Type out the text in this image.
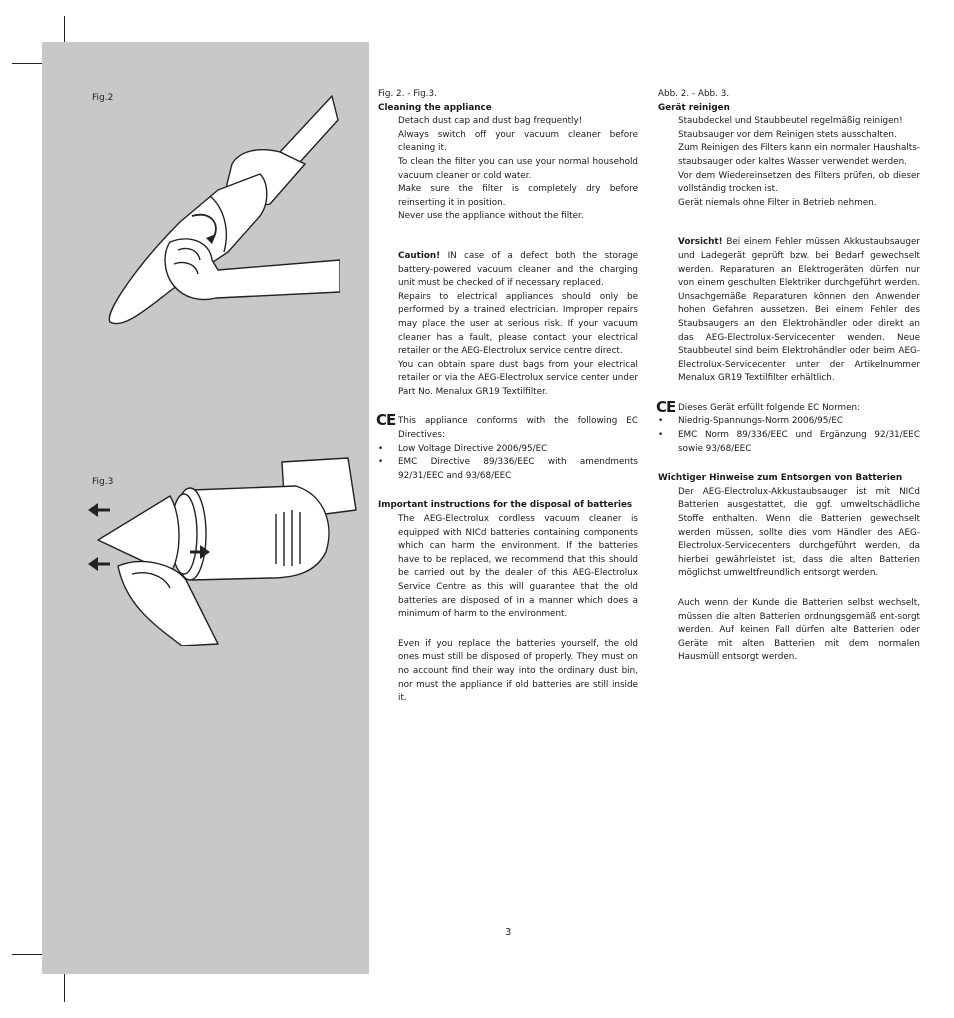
Fig.2
Fig.3

Fig. 2. - Fig.3.

Cleaning the appliance

Detach dust cap and dust bag frequently!

Always switch off your vacuum cleaner before cleaning it.

To clean the filter you can use your normal household vacuum cleaner or cold water.

Make sure the filter is completely dry before reinserting it in position.

Never use the appliance without the filter.

Caution! IN case of a defect both the storage battery-powered vacuum cleaner and the charging unit must be checked of if necessary replaced.

Repairs to electrical appliances should only be performed by a trained electrician. Improper repairs may place the user at serious risk. If your vacuum cleaner has a fault, please contact your electrical retailer or the AEG-Electrolux service centre direct.

You can obtain spare dust bags from your electrical retailer or via the AEG-Electrolux service center under Part No. Menalux GR19 Textilfilter.

CE This appliance conforms with the following EC Directives:

• Low Voltage Directive 2006/95/EC

• EMC Directive 89/336/EEC with amendments 92/31/EEC and 93/68/EEC

Important instructions for the disposal of batteries

The AEG-Electrolux cordless vacuum cleaner is equipped with NICd batteries containing components which can harm the environment. If the batteries have to be replaced, we recommend that this should be carried out by the dealer of this AEG-Electrolux Service Centre as this will guarantee that the old batteries are disposed of in a manner which does a minimum of harm to the environment.

Even if you replace the batteries yourself, the old ones must still be disposed of properly. They must on no account find their way into the ordinary dust bin, nor must the appliance if old batteries are still inside it.

Abb. 2. - Abb. 3.

Gerät reinigen

Staubdeckel und Staubbeutel regelmäßig reinigen!

Staubsauger vor dem Reinigen stets ausschalten.

Zum Reinigen des Filters kann ein normaler Haushalts-staubsauger oder kaltes Wasser verwendet werden.

Vor dem Wiedereinsetzen des Filters prüfen, ob dieser vollständig trocken ist.

Gerät niemals ohne Filter in Betrieb nehmen.

Vorsicht! Bei einem Fehler müssen Akkustaubsauger und Ladegerät geprüft bzw. bei Bedarf gewechselt werden. Reparaturen an Elektrogeräten dürfen nur von einem geschulten Elektriker durchgeführt werden. Unsachgemäße Reparaturen können den Anwender hohen Gefahren aussetzen. Bei einem Fehler des Staubsaugers an den Elektrohändler oder direkt an das AEG-Electrolux-Servicecenter wenden. Neue Staubbeutel sind beim Elektrohändler oder beim AEG-Electrolux-Servicecenter unter der Artikelnummer Menalux GR19 Textilfilter erhältlich.

CE Dieses Gerät erfüllt folgende EC Normen:

• Niedrig-Spannungs-Norm 2006/95/EC

• EMC Norm 89/336/EEC und Ergänzung 92/31/EEC sowie 93/68/EEC

Wichtiger Hinweise zum Entsorgen von Batterien

Der AEG-Electrolux-Akkustaubsauger ist mit NICd Batterien ausgestattet, die ggf. umweltschädliche Stoffe enthalten. Wenn die Batterien gewechselt werden müssen, sollte dies vom Händler des AEG-Electrolux-Servicecenters durchgeführt werden, da hierbei gewährleistet ist, dass die alten Batterien möglichst umweltfreundlich entsorgt werden.

Auch wenn der Kunde die Batterien selbst wechselt, müssen die alten Batterien ordnungsgemäß ent-sorgt werden. Auf keinen Fall dürfen alte Batterien oder Geräte mit alten Batterien mit dem normalen Hausmüll entsorgt werden.

3
